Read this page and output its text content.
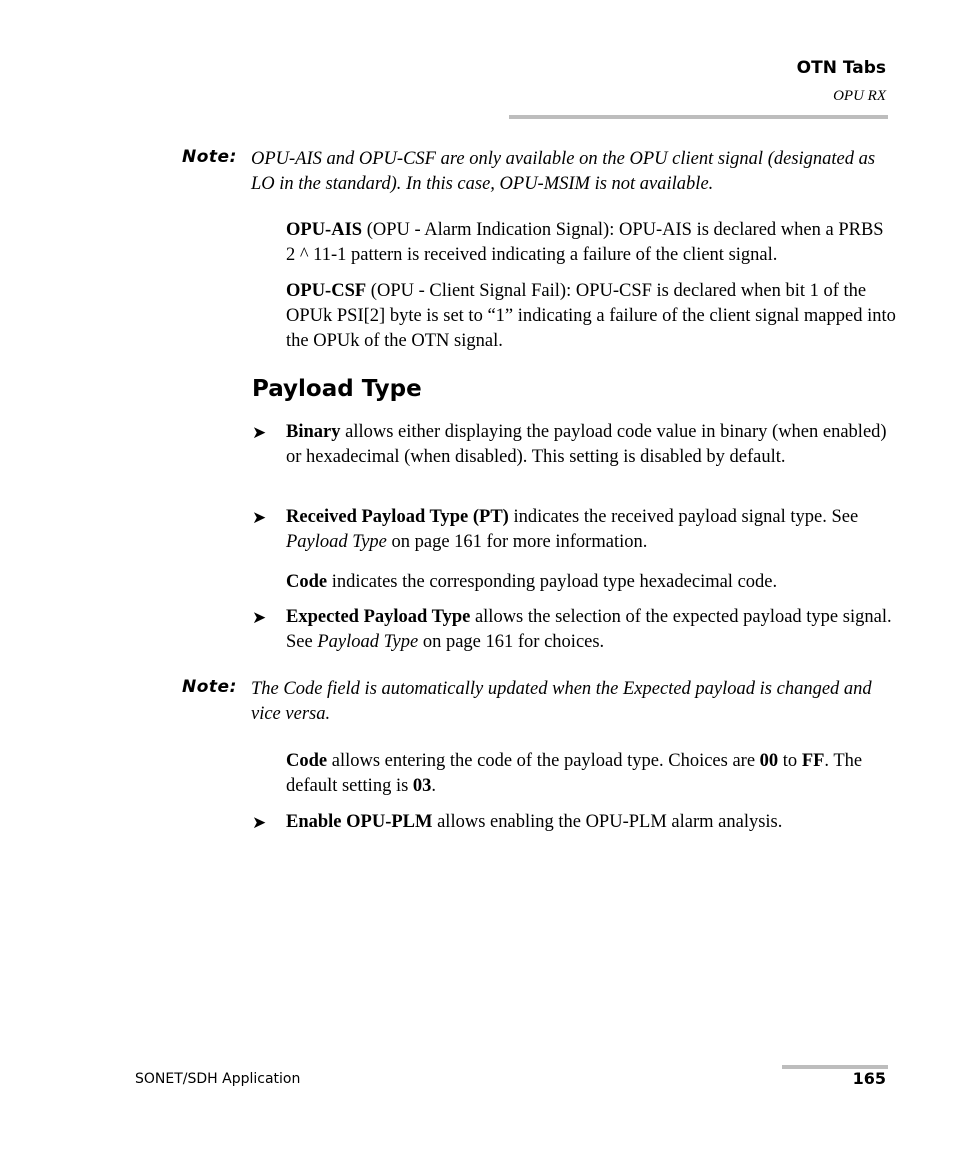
OTN Tabs
OPU RX
Note: OPU-AIS and OPU-CSF are only available on the OPU client signal (designated as LO in the standard). In this case, OPU-MSIM is not available.
OPU-AIS (OPU - Alarm Indication Signal): OPU-AIS is declared when a PRBS 2 ^ 11-1 pattern is received indicating a failure of the client signal.
OPU-CSF (OPU - Client Signal Fail): OPU-CSF is declared when bit 1 of the OPUk PSI[2] byte is set to “1” indicating a failure of the client signal mapped into the OPUk of the OTN signal.
Payload Type
➤ Binary allows either displaying the payload code value in binary (when enabled) or hexadecimal (when disabled). This setting is disabled by default.
➤ Received Payload Type (PT) indicates the received payload signal type. See Payload Type on page 161 for more information.
Code indicates the corresponding payload type hexadecimal code.
➤ Expected Payload Type allows the selection of the expected payload type signal. See Payload Type on page 161 for choices.
Note: The Code field is automatically updated when the Expected payload is changed and vice versa.
Code allows entering the code of the payload type. Choices are 00 to FF. The default setting is 03.
➤ Enable OPU-PLM allows enabling the OPU-PLM alarm analysis.
SONET/SDH Application	165
